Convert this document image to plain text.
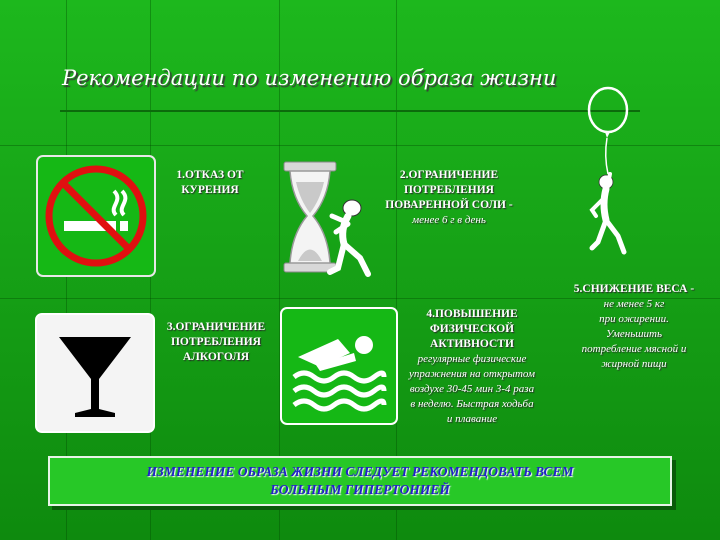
Рекомендации по изменению образа жизни
1.ОТКАЗ ОТ
КУРЕНИЯ
2.ОГРАНИЧЕНИЕ
ПОТРЕБЛЕНИЯ
ПОВАРЕННОЙ СОЛИ -
менее 6 г в день
3.ОГРАНИЧЕНИЕ
ПОТРЕБЛЕНИЯ
АЛКОГОЛЯ
4.ПОВЫШЕНИЕ
ФИЗИЧЕСКОЙ
АКТИВНОСТИ
регулярные физические
упражнения на открытом
воздухе 30-45 мин 3-4 раза
в неделю. Быстрая ходьба
и плавание
5.СНИЖЕНИЕ ВЕСА -
не менее 5 кг
при ожирении.
Уменьшить
потребление мясной и
жирной пищи
ИЗМЕНЕНИЕ ОБРАЗА ЖИЗНИ СЛЕДУЕТ РЕКОМЕНДОВАТЬ ВСЕМ
БОЛЬНЫМ ГИПЕРТОНИЕЙ
